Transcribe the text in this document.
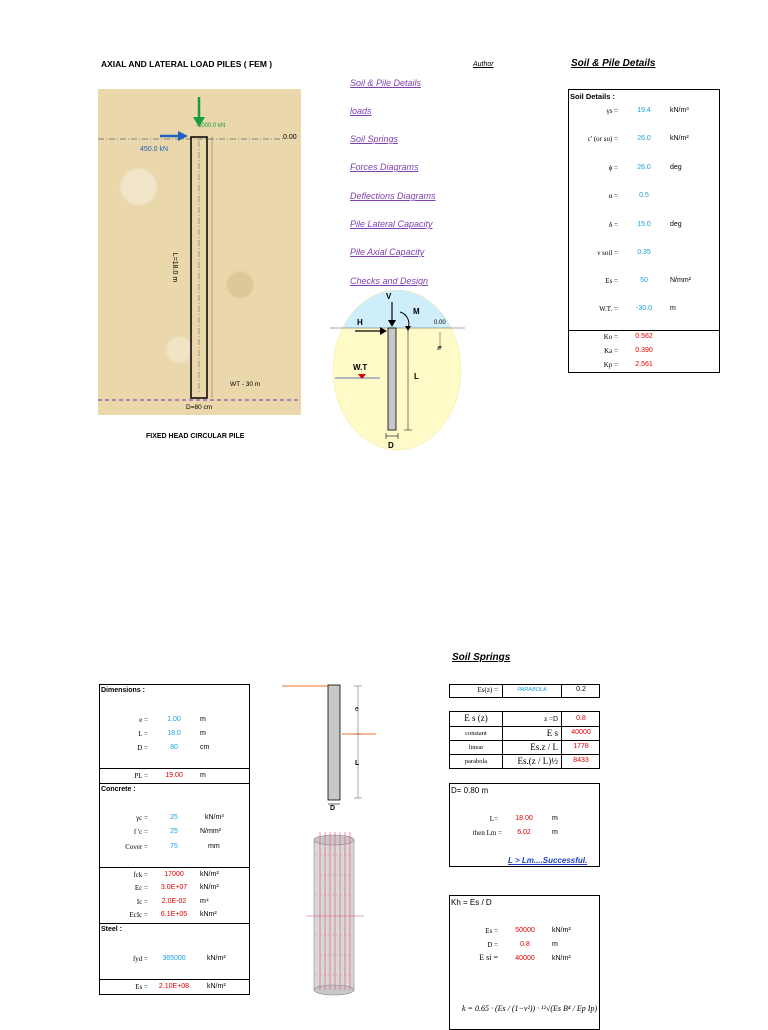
AXIAL AND LATERAL LOAD PILES ( FEM )	Author	Soil & Pile Details
Soil & Pile Details
loads
Soil Springs
Forces Diagrams
Deflections Diagrams
Pile Lateral Capacity
Pile Axial Capacity
Checks and Design
-5000.0 kN
450.0 kN
0.00
L=18.0 m
WT - 30 m
D=80 cm
FIXED HEAD CIRCULAR PILE
V
M
H	0.00
z
W.T
L
D
Soil Details :
γs =	19.4	kN/m³
c' (or su) =	26.0	kN/m²
ϕ =	26.0	deg
α =	0.5
δ =	15.0	deg
ν soil =	0.35
Es =	50	N/mm²
W.T. =	-30.0	m
Ko =	0.562
Ka =	0.390
Kp =	2.561
Dimensions :
e =	1.00	m
L =	18.0	m
D =	80	cm
PL =	19.00	m
Concrete :
γc =	25	kN/m³
f 'c =	25	N/mm²
Cover =	75	mm
fck =	17000	kN/m²
Ec =	3.0E+07	kN/m²
Ic =	2.0E-02	m⁴
EcIc =	6.1E+05	kNm²
Steel :
fyd =	365000	kN/m²
Es =	2.10E+08	kN/m²
e
L
D
Soil Springs
Es(z) =	PARABOLA	0.2
E s (z)	z =D	0.8
constant	E s	40000
linear	Es.z / L	1778
parabola	Es.(z / L)½	8433
D= 0.80 m
L=	18.00	m
then Lm =	6.02	m
L > Lm....Successful.
Kh = Es / D
Es =	50000	kN/m²
D =	0.8	m
E si =	40000	kN/m²
k = 0.65 · (Es / (1−ν²)) · ¹²√(Es B⁴ / Ep Ip)
